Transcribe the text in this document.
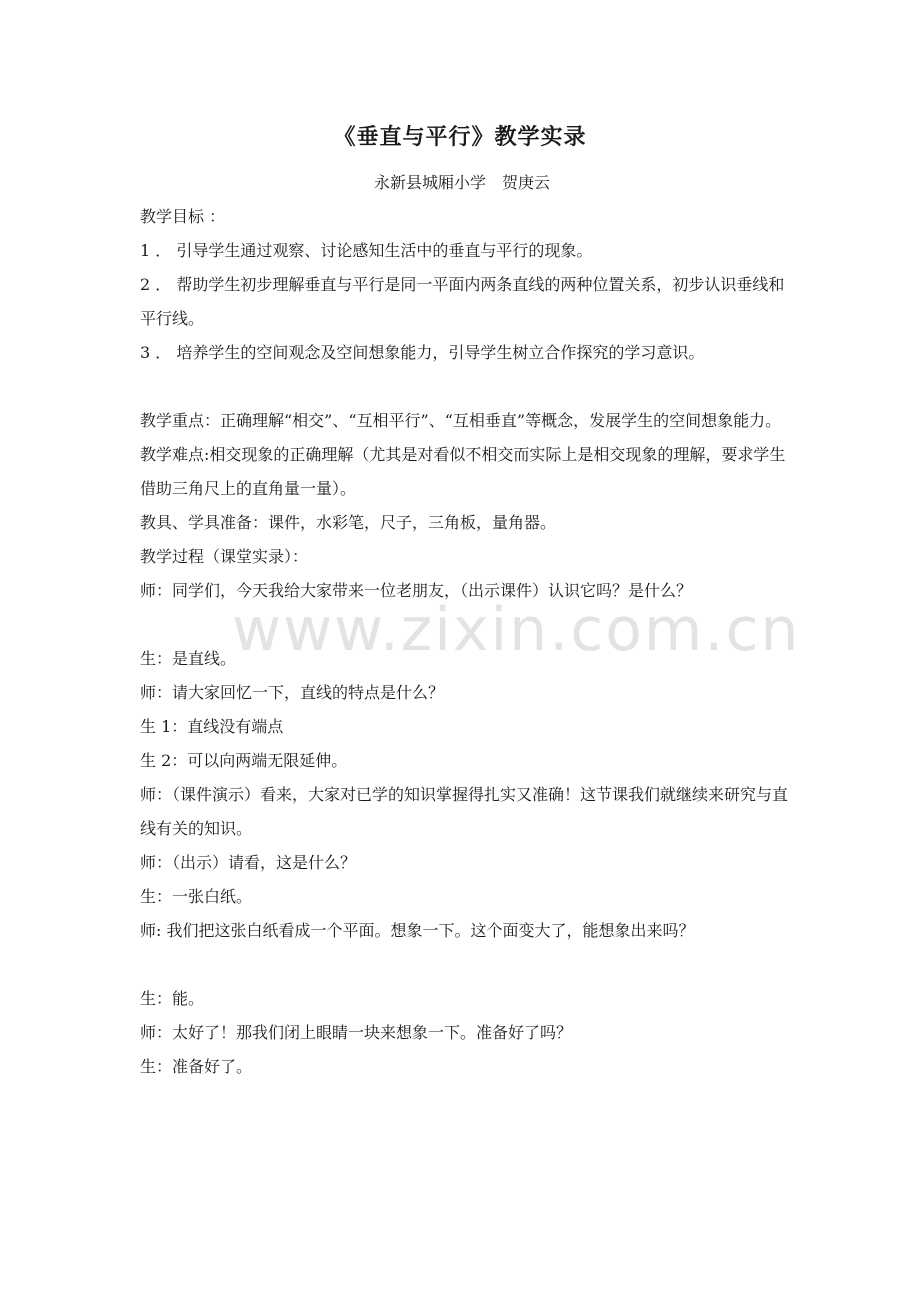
www.zixin.com.cn
《垂直与平行》教学实录
永新县城厢小学　贺庚云

教学目标 ：

1 ． 引导学生通过观察、讨论感知生活中的垂直与平行的现象。

2 ． 帮助学生初步理解垂直与平行是同一平面内两条直线的两种位置关系，初步认识垂线和平行线。

3 ． 培养学生的空间观念及空间想象能力，引导学生树立合作探究的学习意识。

教学重点：正确理解“相交”、“互相平行”、“互相垂直”等概念，发展学生的空间想象能力。

教学难点:相交现象的正确理解（尤其是对看似不相交而实际上是相交现象的理解，要求学生借助三角尺上的直角量一量）。

教具、学具准备：课件，水彩笔，尺子，三角板，量角器。

教学过程（课堂实录）：

师：同学们，今天我给大家带来一位老朋友，（出示课件）认识它吗？是什么？

生：是直线。

师：请大家回忆一下，直线的特点是什么？

生 1：直线没有端点

生 2：可以向两端无限延伸。

师：（课件演示）看来，大家对已学的知识掌握得扎实又准确！这节课我们就继续来研究与直线有关的知识。

师：（出示）请看，这是什么？

生：一张白纸。

师: 我们把这张白纸看成一个平面。想象一下。这个面变大了，能想象出来吗？

生：能。

师：太好了！那我们闭上眼睛一块来想象一下。准备好了吗？

生：准备好了。
